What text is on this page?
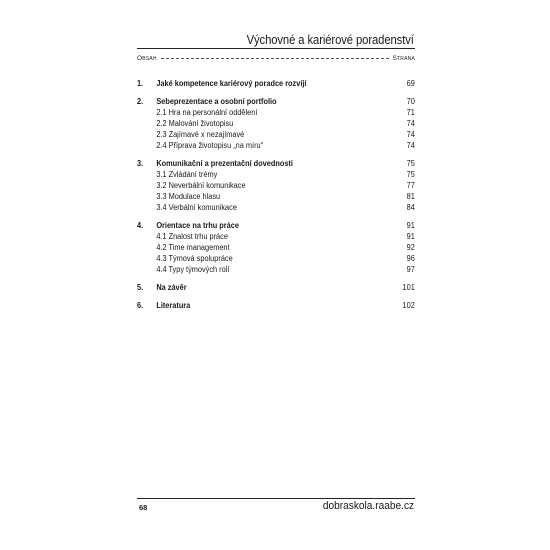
Výchovné a kariérové poradenství
Obsah	Strana
1.	Jaké kompetence kariérový poradce rozvíjí	69
2.	Sebeprezentace a osobní portfolio	70
2.1 Hra na personální oddělení	71
2.2 Malování životopisu	74
2.3 Zajímavé x nezajímavé	74
2.4 Příprava životopisu „na míru“	74
3.	Komunikační a prezentační dovednosti	75
3.1 Zvládání trémy	75
3.2 Neverbální komunikace	77
3.3 Modulace hlasu	81
3.4 Verbální komunikace	84
4.	Orientace na trhu práce	91
4.1 Znalost trhu práce	91
4.2 Time management	92
4.3 Týmová spolupráce	96
4.4 Typy týmových rolí	97
5.	Na závěr	101
6.	Literatura	102
68	dobraskola.raabe.cz
